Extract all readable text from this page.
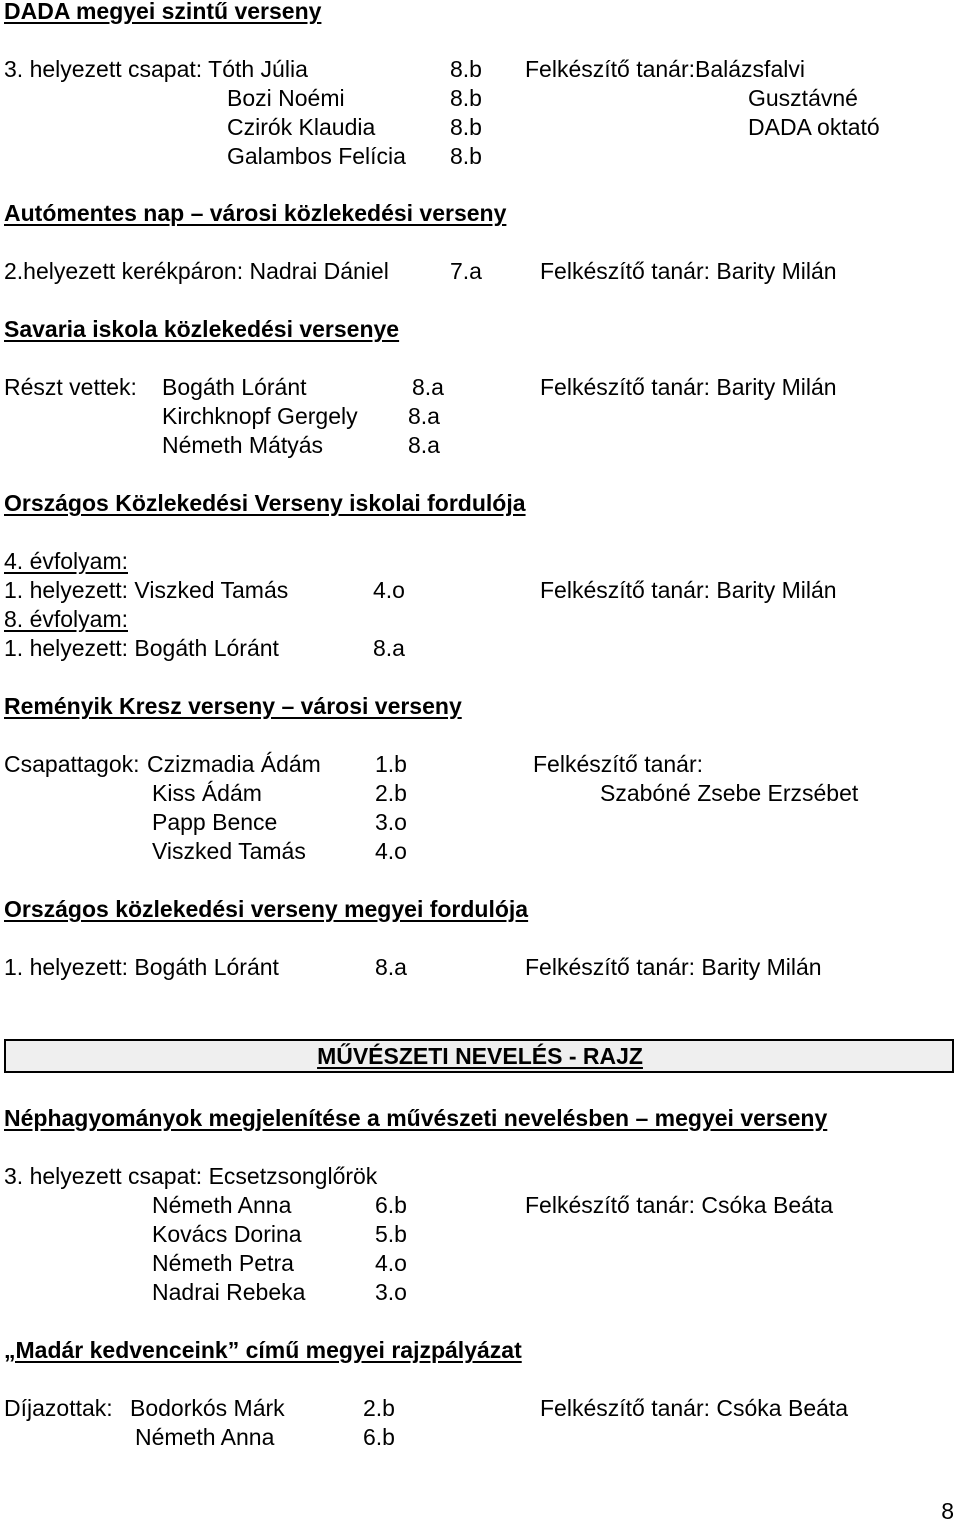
DADA megyei szintű verseny
3. helyezett csapat: Tóth Júlia	8.b Felkészítő tanár:Balázsfalvi
Bozi Noémi	8.b	Gusztávné
Czirók Klaudia	8.b	DADA oktató
Galambos Felícia 8.b
Autómentes nap – városi közlekedési verseny
2.helyezett kerékpáron: Nadrai Dániel	7.a	Felkészítő tanár: Barity Milán
Savaria iskola közlekedési versenye
Részt vettek: Bogáth Lóránt	8.a	Felkészítő tanár: Barity Milán
Kirchknopf Gergely 8.a
Németh Mátyás	8.a
Országos Közlekedési Verseny iskolai fordulója
4. évfolyam:
1. helyezett: Viszked Tamás	4.o	Felkészítő tanár: Barity Milán
8. évfolyam:
1. helyezett: Bogáth Lóránt	8.a
Reményik Kresz verseny – városi verseny
Csapattagok: Czizmadia Ádám 1.b	Felkészítő tanár:
Kiss Ádám	2.b	Szabóné Zsebe Erzsébet
Papp Bence	3.o
Viszked Tamás	4.o
Országos közlekedési verseny megyei fordulója
1. helyezett: Bogáth Lóránt	8.a	Felkészítő tanár: Barity Milán
MŰVÉSZETI NEVELÉS - RAJZ
Néphagyományok megjelenítése a művészeti nevelésben – megyei verseny
3. helyezett csapat: Ecsetzsonglőrök
Németh Anna	6.b	Felkészítő tanár: Csóka Beáta
Kovács Dorina	5.b
Németh Petra	4.o
Nadrai Rebeka	3.o
„Madár kedvenceink” című megyei rajzpályázat
Díjazottak: Bodorkós Márk	2.b	Felkészítő tanár: Csóka Beáta
Németh Anna	6.b
8
